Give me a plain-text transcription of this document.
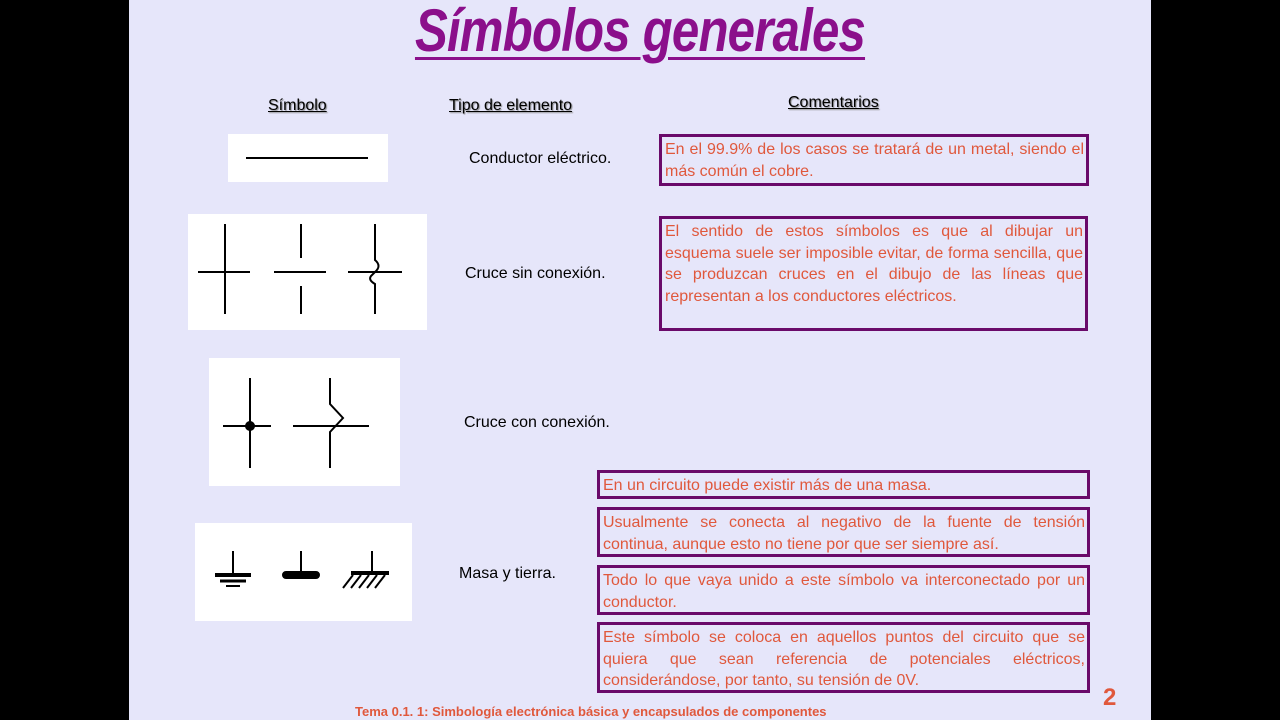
Símbolos generales
Símbolo	Tipo de elemento	Comentarios
Conductor eléctrico.
En el 99.9% de los casos se tratará de un metal, siendo el más común el cobre.
Cruce sin conexión.
El sentido de estos símbolos es que al dibujar un esquema suele ser imposible evitar, de forma sencilla, que se produzcan cruces en el dibujo de las líneas que representan a los conductores eléctricos.
Cruce con conexión.
Masa y tierra.
En un circuito puede existir más de una masa.
Usualmente se conecta al negativo de la fuente de tensión continua, aunque esto no tiene por que ser siempre así.
Todo lo que vaya unido a este símbolo va interconectado por un conductor.
Este símbolo se coloca en aquellos puntos del circuito que se quiera que sean referencia de potenciales eléctricos, considerándose, por tanto, su tensión de 0V.
2
Tema 0.1. 1: Simbología electrónica básica y encapsulados de componentes
